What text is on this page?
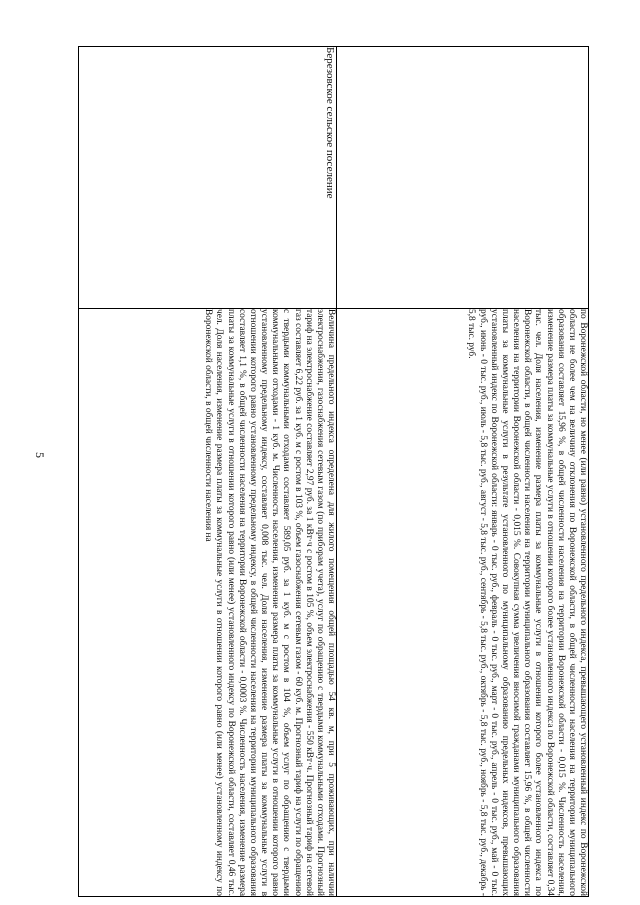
5

	по Воронежской области, но менее (или равно) установленного предельного индекса, превышающего установленный индекс по Воронежской области не более чем на величину отклонения по Воронежской области, в общей численности населения на территории муниципального образования составляет 15,96 %, в общей численности населения на территории Воронежской области - 0,015 %. Численность населения, изменение размера платы за коммунальные услуги в отношении которого более установленного индекса по Воронежской области, составляет 0,34 тыс. чел. Доля населения, изменение размера платы за коммунальные услуги в отношении которого более установленного индекса по Воронежской области, в общей численности населения на территории муниципального образования составляет 15,96 %, в общей численности населения на территории Воронежской области - 0,015 %. Совокупная сумма увеличения вносимой гражданами муниципального образования платы за коммунальные услуги в результате установленного по муниципальному образованию предельных индексов, превышающих установленный индекс по Воронежской области: январь - 0 тыс. руб., февраль - 0 тыс. руб., март - 0 тыс. руб., апрель - 0 тыс. руб., май - 0 тыс. руб., июнь - 0 тыс. руб., июль - 5,8 тыс. руб., август - 5,8 тыс. руб., сентябрь - 5,8 тыс. руб., октябрь - 5,8 тыс. руб., ноябрь - 5,8 тыс. руб., декабрь - 5,8 тыс. руб.

Березовское сельское поселение	Величина предельного индекса определена для жилого помещения общей площадью 54 кв. м, при 5 проживающих, при наличии электроснабжения, газоснабжения сетевым газом (по приборам учета), услуг по обращению с твердыми коммунальными отходами. Прогнозный тариф на электроснабжение составляет 2,97 руб. за 1 кВт·ч с ростом в 105 %, объем электроснабжения - 550 кВт·ч. Прогнозный тариф на сетевой газ составляет 6,22 руб. за 1 куб. м с ростом в 103 %, объем газоснабжения сетевым газом - 60 куб. м. Прогнозный тариф на услуги по обращению с твердыми коммунальными отходами составляет 589,05 руб. за 1 куб. м с ростом в 104 %, объем услуг по обращению с твердыми коммунальными отходами - 1 куб. м. Численность населения, изменение размера платы за коммунальные услуги в отношении которого равно установленному предельному индексу, составляет 0,008 тыс. чел. Доля населения, изменение размера платы за коммунальные услуги в отношении которого равно установленному предельному индексу, в общей численности населения на территории муниципального образования составляет 1,1 %, в общей численности населения на территории Воронежской области - 0,0003 %. Численность населения, изменение размера платы за коммунальные услуги в отношении которого равно (или менее) установленного индексу по Воронежской области, составляет 0,46 тыс. чел. Доля населения, изменение размера платы за коммунальные услуги в отношении которого равно (или менее) установленному индексу по Воронежской области, в общей численности населения на
